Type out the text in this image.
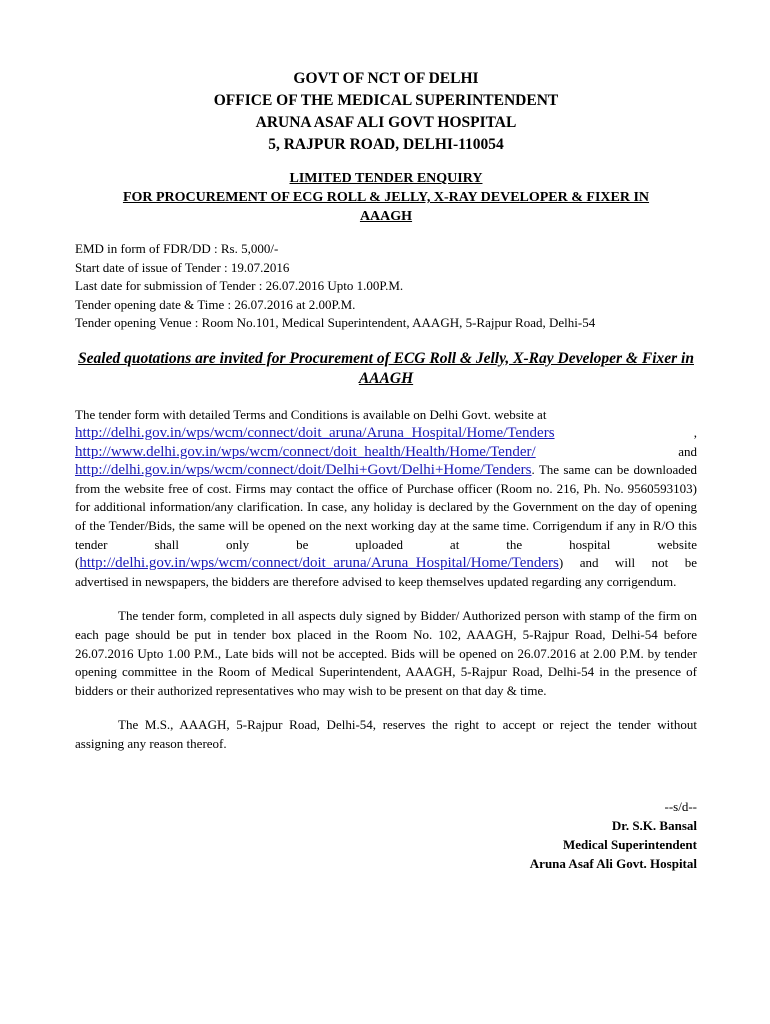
GOVT OF NCT OF DELHI
OFFICE OF THE MEDICAL SUPERINTENDENT
ARUNA ASAF ALI GOVT HOSPITAL
5, RAJPUR ROAD, DELHI-110054
LIMITED TENDER ENQUIRY
FOR PROCUREMENT OF ECG ROLL & JELLY, X-RAY DEVELOPER & FIXER IN
AAAGH
EMD in form of FDR/DD : Rs. 5,000/-
Start date of issue of Tender : 19.07.2016
Last date for submission of Tender : 26.07.2016 Upto 1.00P.M.
Tender opening date & Time : 26.07.2016 at 2.00P.M.
Tender opening Venue : Room No.101, Medical Superintendent, AAAGH, 5-Rajpur Road, Delhi-54
Sealed quotations are invited for Procurement of ECG Roll & Jelly, X-Ray Developer & Fixer in AAAGH
The tender form with detailed Terms and Conditions is available on Delhi Govt. website at
http://delhi.gov.in/wps/wcm/connect/doit_aruna/Aruna_Hospital/Home/Tenders	,
http://www.delhi.gov.in/wps/wcm/connect/doit_health/Health/Home/Tender/	and
http://delhi.gov.in/wps/wcm/connect/doit/Delhi+Govt/Delhi+Home/Tenders. The same can be downloaded from the website free of cost. Firms may contact the office of Purchase officer (Room no. 216, Ph. No. 9560593103) for additional information/any clarification. In case, any holiday is declared by the Government on the day of opening of the Tender/Bids, the same will be opened on the next working day at the same time. Corrigendum if any in R/O this tender shall only be uploaded at the hospital website (http://delhi.gov.in/wps/wcm/connect/doit_aruna/Aruna_Hospital/Home/Tenders) and will not be advertised in newspapers, the bidders are therefore advised to keep themselves updated regarding any corrigendum.
The tender form, completed in all aspects duly signed by Bidder/ Authorized person with stamp of the firm on each page should be put in tender box placed in the Room No. 102, AAAGH, 5-Rajpur Road, Delhi-54 before 26.07.2016 Upto 1.00 P.M., Late bids will not be accepted. Bids will be opened on 26.07.2016 at 2.00 P.M. by tender opening committee in the Room of Medical Superintendent, AAAGH, 5-Rajpur Road, Delhi-54 in the presence of bidders or their authorized representatives who may wish to be present on that day & time.
The M.S., AAAGH, 5-Rajpur Road, Delhi-54, reserves the right to accept or reject the tender without assigning any reason thereof.
--s/d--
Dr. S.K. Bansal
Medical Superintendent
Aruna Asaf Ali Govt. Hospital
